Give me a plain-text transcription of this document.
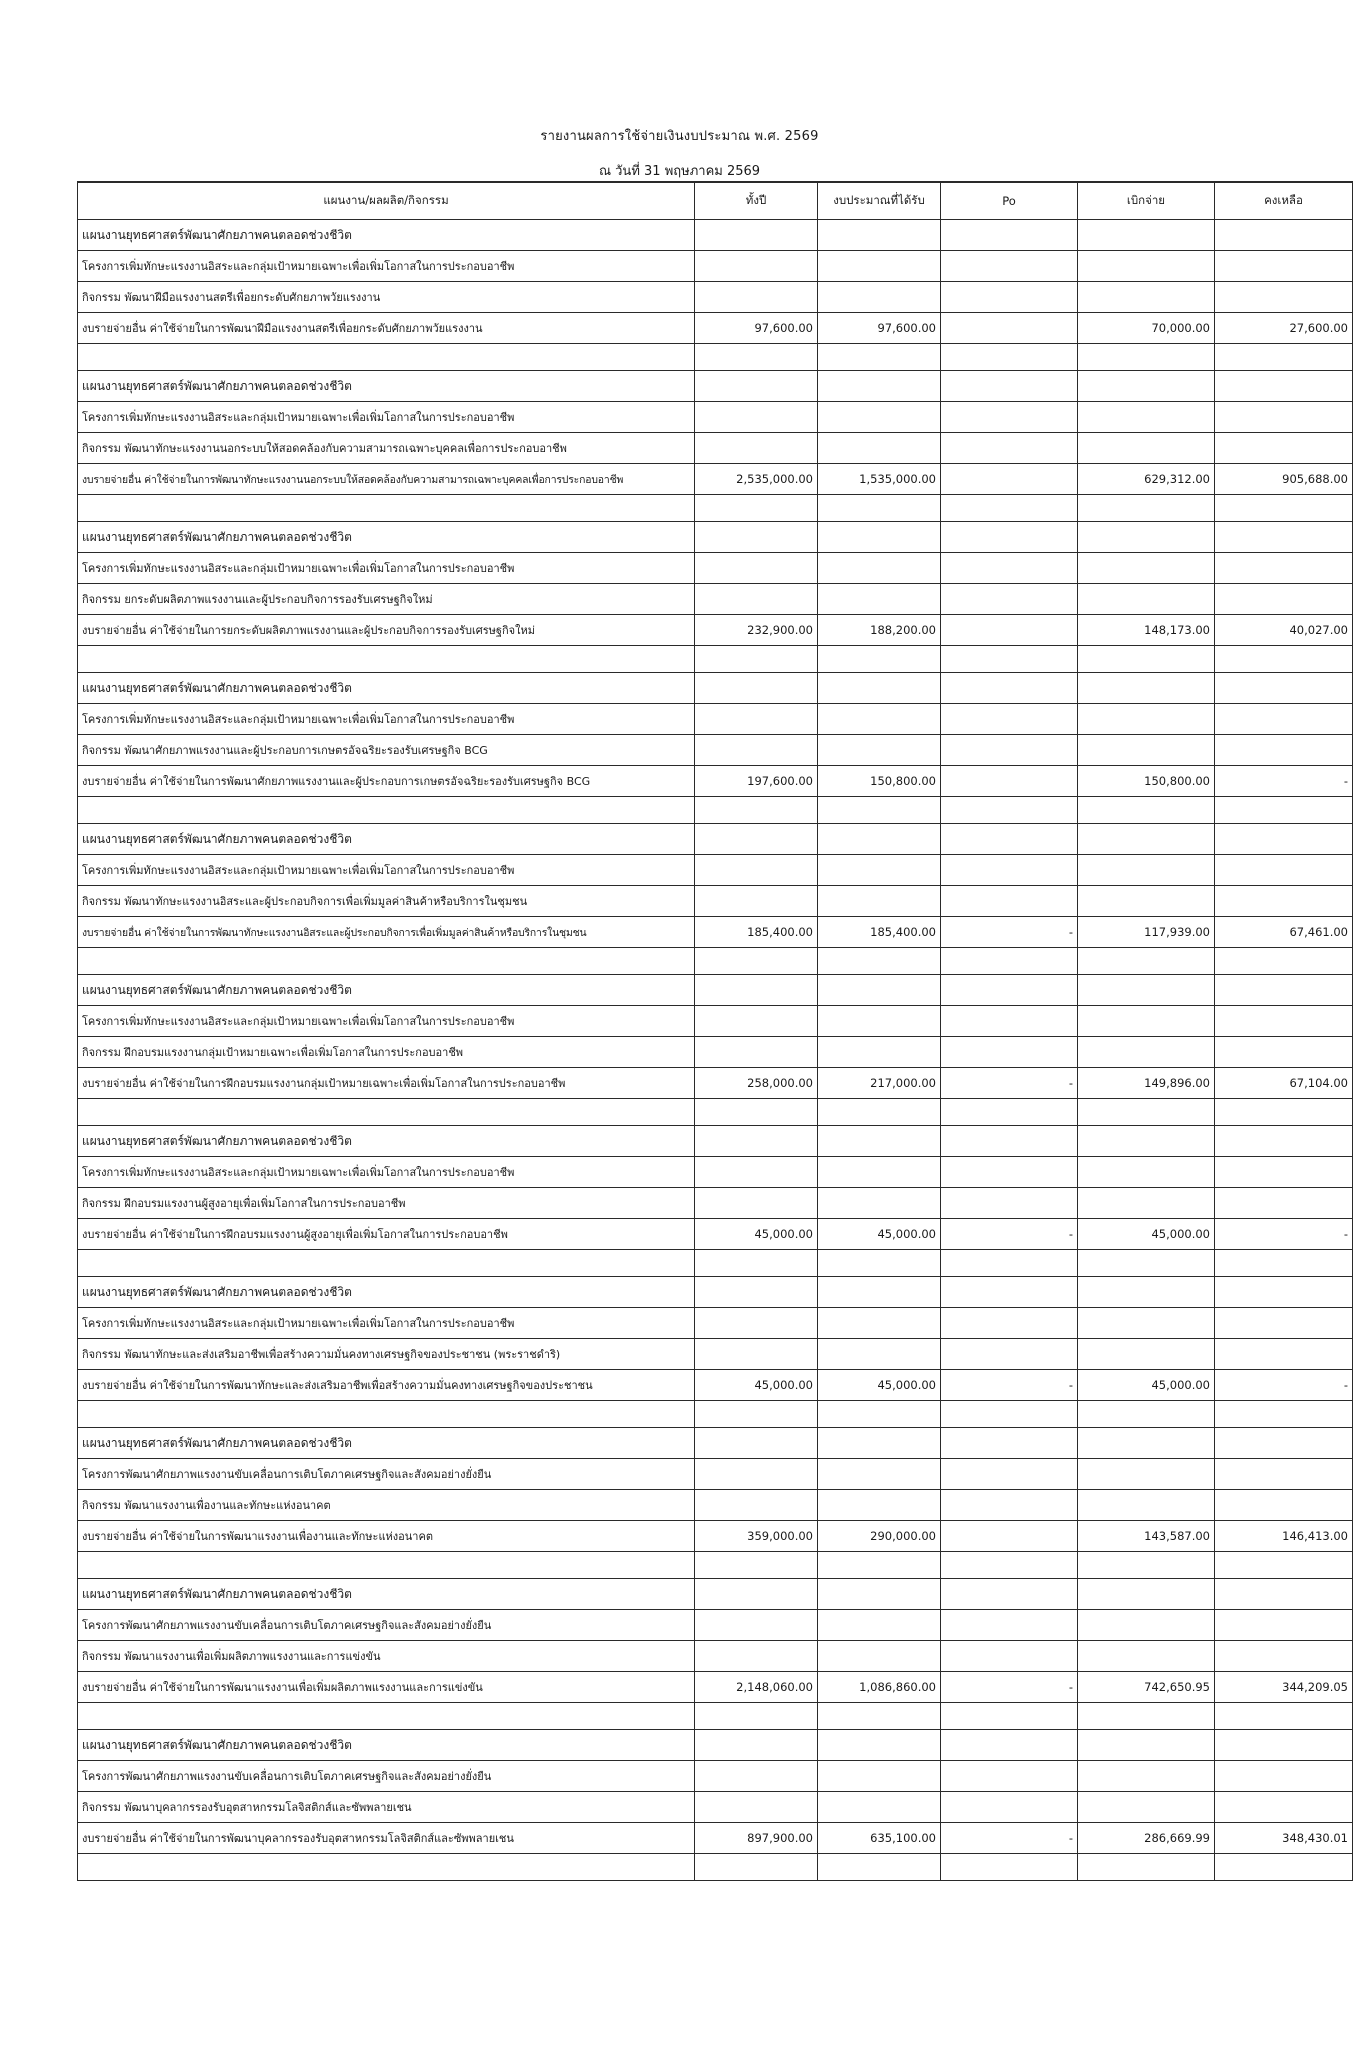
รายงานผลการใช้จ่ายเงินงบประมาณ พ.ศ. 2569
ณ วันที่ 31 พฤษภาคม 2569
แผนงาน/ผลผลิต/กิจกรรม	ทั้งปี	งบประมาณที่ได้รับ	Po	เบิกจ่าย	คงเหลือ
แผนงานยุทธศาสตร์พัฒนาศักยภาพคนตลอดช่วงชีวิต					
โครงการเพิ่มทักษะแรงงานอิสระและกลุ่มเป้าหมายเฉพาะเพื่อเพิ่มโอกาสในการประกอบอาชีพ					
กิจกรรม พัฒนาฝีมือแรงงานสตรีเพื่อยกระดับศักยภาพวัยแรงงาน					
งบรายจ่ายอื่น ค่าใช้จ่ายในการพัฒนาฝีมือแรงงานสตรีเพื่อยกระดับศักยภาพวัยแรงงาน	97,600.00	97,600.00		70,000.00	27,600.00

แผนงานยุทธศาสตร์พัฒนาศักยภาพคนตลอดช่วงชีวิต					
โครงการเพิ่มทักษะแรงงานอิสระและกลุ่มเป้าหมายเฉพาะเพื่อเพิ่มโอกาสในการประกอบอาชีพ					
กิจกรรม พัฒนาทักษะแรงงานนอกระบบให้สอดคล้องกับความสามารถเฉพาะบุคคลเพื่อการประกอบอาชีพ					
งบรายจ่ายอื่น ค่าใช้จ่ายในการพัฒนาทักษะแรงงานนอกระบบให้สอดคล้องกับความสามารถเฉพาะบุคคลเพื่อการประกอบอาชีพ	2,535,000.00	1,535,000.00		629,312.00	905,688.00

แผนงานยุทธศาสตร์พัฒนาศักยภาพคนตลอดช่วงชีวิต					
โครงการเพิ่มทักษะแรงงานอิสระและกลุ่มเป้าหมายเฉพาะเพื่อเพิ่มโอกาสในการประกอบอาชีพ					
กิจกรรม ยกระดับผลิตภาพแรงงานและผู้ประกอบกิจการรองรับเศรษฐกิจใหม่					
งบรายจ่ายอื่น ค่าใช้จ่ายในการยกระดับผลิตภาพแรงงานและผู้ประกอบกิจการรองรับเศรษฐกิจใหม่	232,900.00	188,200.00		148,173.00	40,027.00

แผนงานยุทธศาสตร์พัฒนาศักยภาพคนตลอดช่วงชีวิต					
โครงการเพิ่มทักษะแรงงานอิสระและกลุ่มเป้าหมายเฉพาะเพื่อเพิ่มโอกาสในการประกอบอาชีพ					
กิจกรรม พัฒนาศักยภาพแรงงานและผู้ประกอบการเกษตรอัจฉริยะรองรับเศรษฐกิจ BCG					
งบรายจ่ายอื่น ค่าใช้จ่ายในการพัฒนาศักยภาพแรงงานและผู้ประกอบการเกษตรอัจฉริยะรองรับเศรษฐกิจ BCG	197,600.00	150,800.00		150,800.00	-

แผนงานยุทธศาสตร์พัฒนาศักยภาพคนตลอดช่วงชีวิต					
โครงการเพิ่มทักษะแรงงานอิสระและกลุ่มเป้าหมายเฉพาะเพื่อเพิ่มโอกาสในการประกอบอาชีพ					
กิจกรรม พัฒนาทักษะแรงงานอิสระและผู้ประกอบกิจการเพื่อเพิ่มมูลค่าสินค้าหรือบริการในชุมชน					
งบรายจ่ายอื่น ค่าใช้จ่ายในการพัฒนาทักษะแรงงานอิสระและผู้ประกอบกิจการเพื่อเพิ่มมูลค่าสินค้าหรือบริการในชุมชน	185,400.00	185,400.00	-	117,939.00	67,461.00

แผนงานยุทธศาสตร์พัฒนาศักยภาพคนตลอดช่วงชีวิต					
โครงการเพิ่มทักษะแรงงานอิสระและกลุ่มเป้าหมายเฉพาะเพื่อเพิ่มโอกาสในการประกอบอาชีพ					
กิจกรรม ฝึกอบรมแรงงานกลุ่มเป้าหมายเฉพาะเพื่อเพิ่มโอกาสในการประกอบอาชีพ					
งบรายจ่ายอื่น ค่าใช้จ่ายในการฝึกอบรมแรงงานกลุ่มเป้าหมายเฉพาะเพื่อเพิ่มโอกาสในการประกอบอาชีพ	258,000.00	217,000.00	-	149,896.00	67,104.00

แผนงานยุทธศาสตร์พัฒนาศักยภาพคนตลอดช่วงชีวิต					
โครงการเพิ่มทักษะแรงงานอิสระและกลุ่มเป้าหมายเฉพาะเพื่อเพิ่มโอกาสในการประกอบอาชีพ					
กิจกรรม ฝึกอบรมแรงงานผู้สูงอายุเพื่อเพิ่มโอกาสในการประกอบอาชีพ					
งบรายจ่ายอื่น ค่าใช้จ่ายในการฝึกอบรมแรงงานผู้สูงอายุเพื่อเพิ่มโอกาสในการประกอบอาชีพ	45,000.00	45,000.00	-	45,000.00	-

แผนงานยุทธศาสตร์พัฒนาศักยภาพคนตลอดช่วงชีวิต					
โครงการเพิ่มทักษะแรงงานอิสระและกลุ่มเป้าหมายเฉพาะเพื่อเพิ่มโอกาสในการประกอบอาชีพ					
กิจกรรม พัฒนาทักษะและส่งเสริมอาชีพเพื่อสร้างความมั่นคงทางเศรษฐกิจของประชาชน (พระราชดำริ)					
งบรายจ่ายอื่น ค่าใช้จ่ายในการพัฒนาทักษะและส่งเสริมอาชีพเพื่อสร้างความมั่นคงทางเศรษฐกิจของประชาชน	45,000.00	45,000.00	-	45,000.00	-

แผนงานยุทธศาสตร์พัฒนาศักยภาพคนตลอดช่วงชีวิต					
โครงการพัฒนาศักยภาพแรงงานขับเคลื่อนการเติบโตภาคเศรษฐกิจและสังคมอย่างยั่งยืน					
กิจกรรม พัฒนาแรงงานเพื่องานและทักษะแห่งอนาคต					
งบรายจ่ายอื่น ค่าใช้จ่ายในการพัฒนาแรงงานเพื่องานและทักษะแห่งอนาคต	359,000.00	290,000.00		143,587.00	146,413.00

แผนงานยุทธศาสตร์พัฒนาศักยภาพคนตลอดช่วงชีวิต					
โครงการพัฒนาศักยภาพแรงงานขับเคลื่อนการเติบโตภาคเศรษฐกิจและสังคมอย่างยั่งยืน					
กิจกรรม พัฒนาแรงงานเพื่อเพิ่มผลิตภาพแรงงานและการแข่งขัน					
งบรายจ่ายอื่น ค่าใช้จ่ายในการพัฒนาแรงงานเพื่อเพิ่มผลิตภาพแรงงานและการแข่งขัน	2,148,060.00	1,086,860.00	-	742,650.95	344,209.05

แผนงานยุทธศาสตร์พัฒนาศักยภาพคนตลอดช่วงชีวิต					
โครงการพัฒนาศักยภาพแรงงานขับเคลื่อนการเติบโตภาคเศรษฐกิจและสังคมอย่างยั่งยืน					
กิจกรรม พัฒนาบุคลากรรองรับอุตสาหกรรมโลจิสติกส์และซัพพลายเชน					
งบรายจ่ายอื่น ค่าใช้จ่ายในการพัฒนาบุคลากรรองรับอุตสาหกรรมโลจิสติกส์และซัพพลายเชน	897,900.00	635,100.00	-	286,669.99	348,430.01
